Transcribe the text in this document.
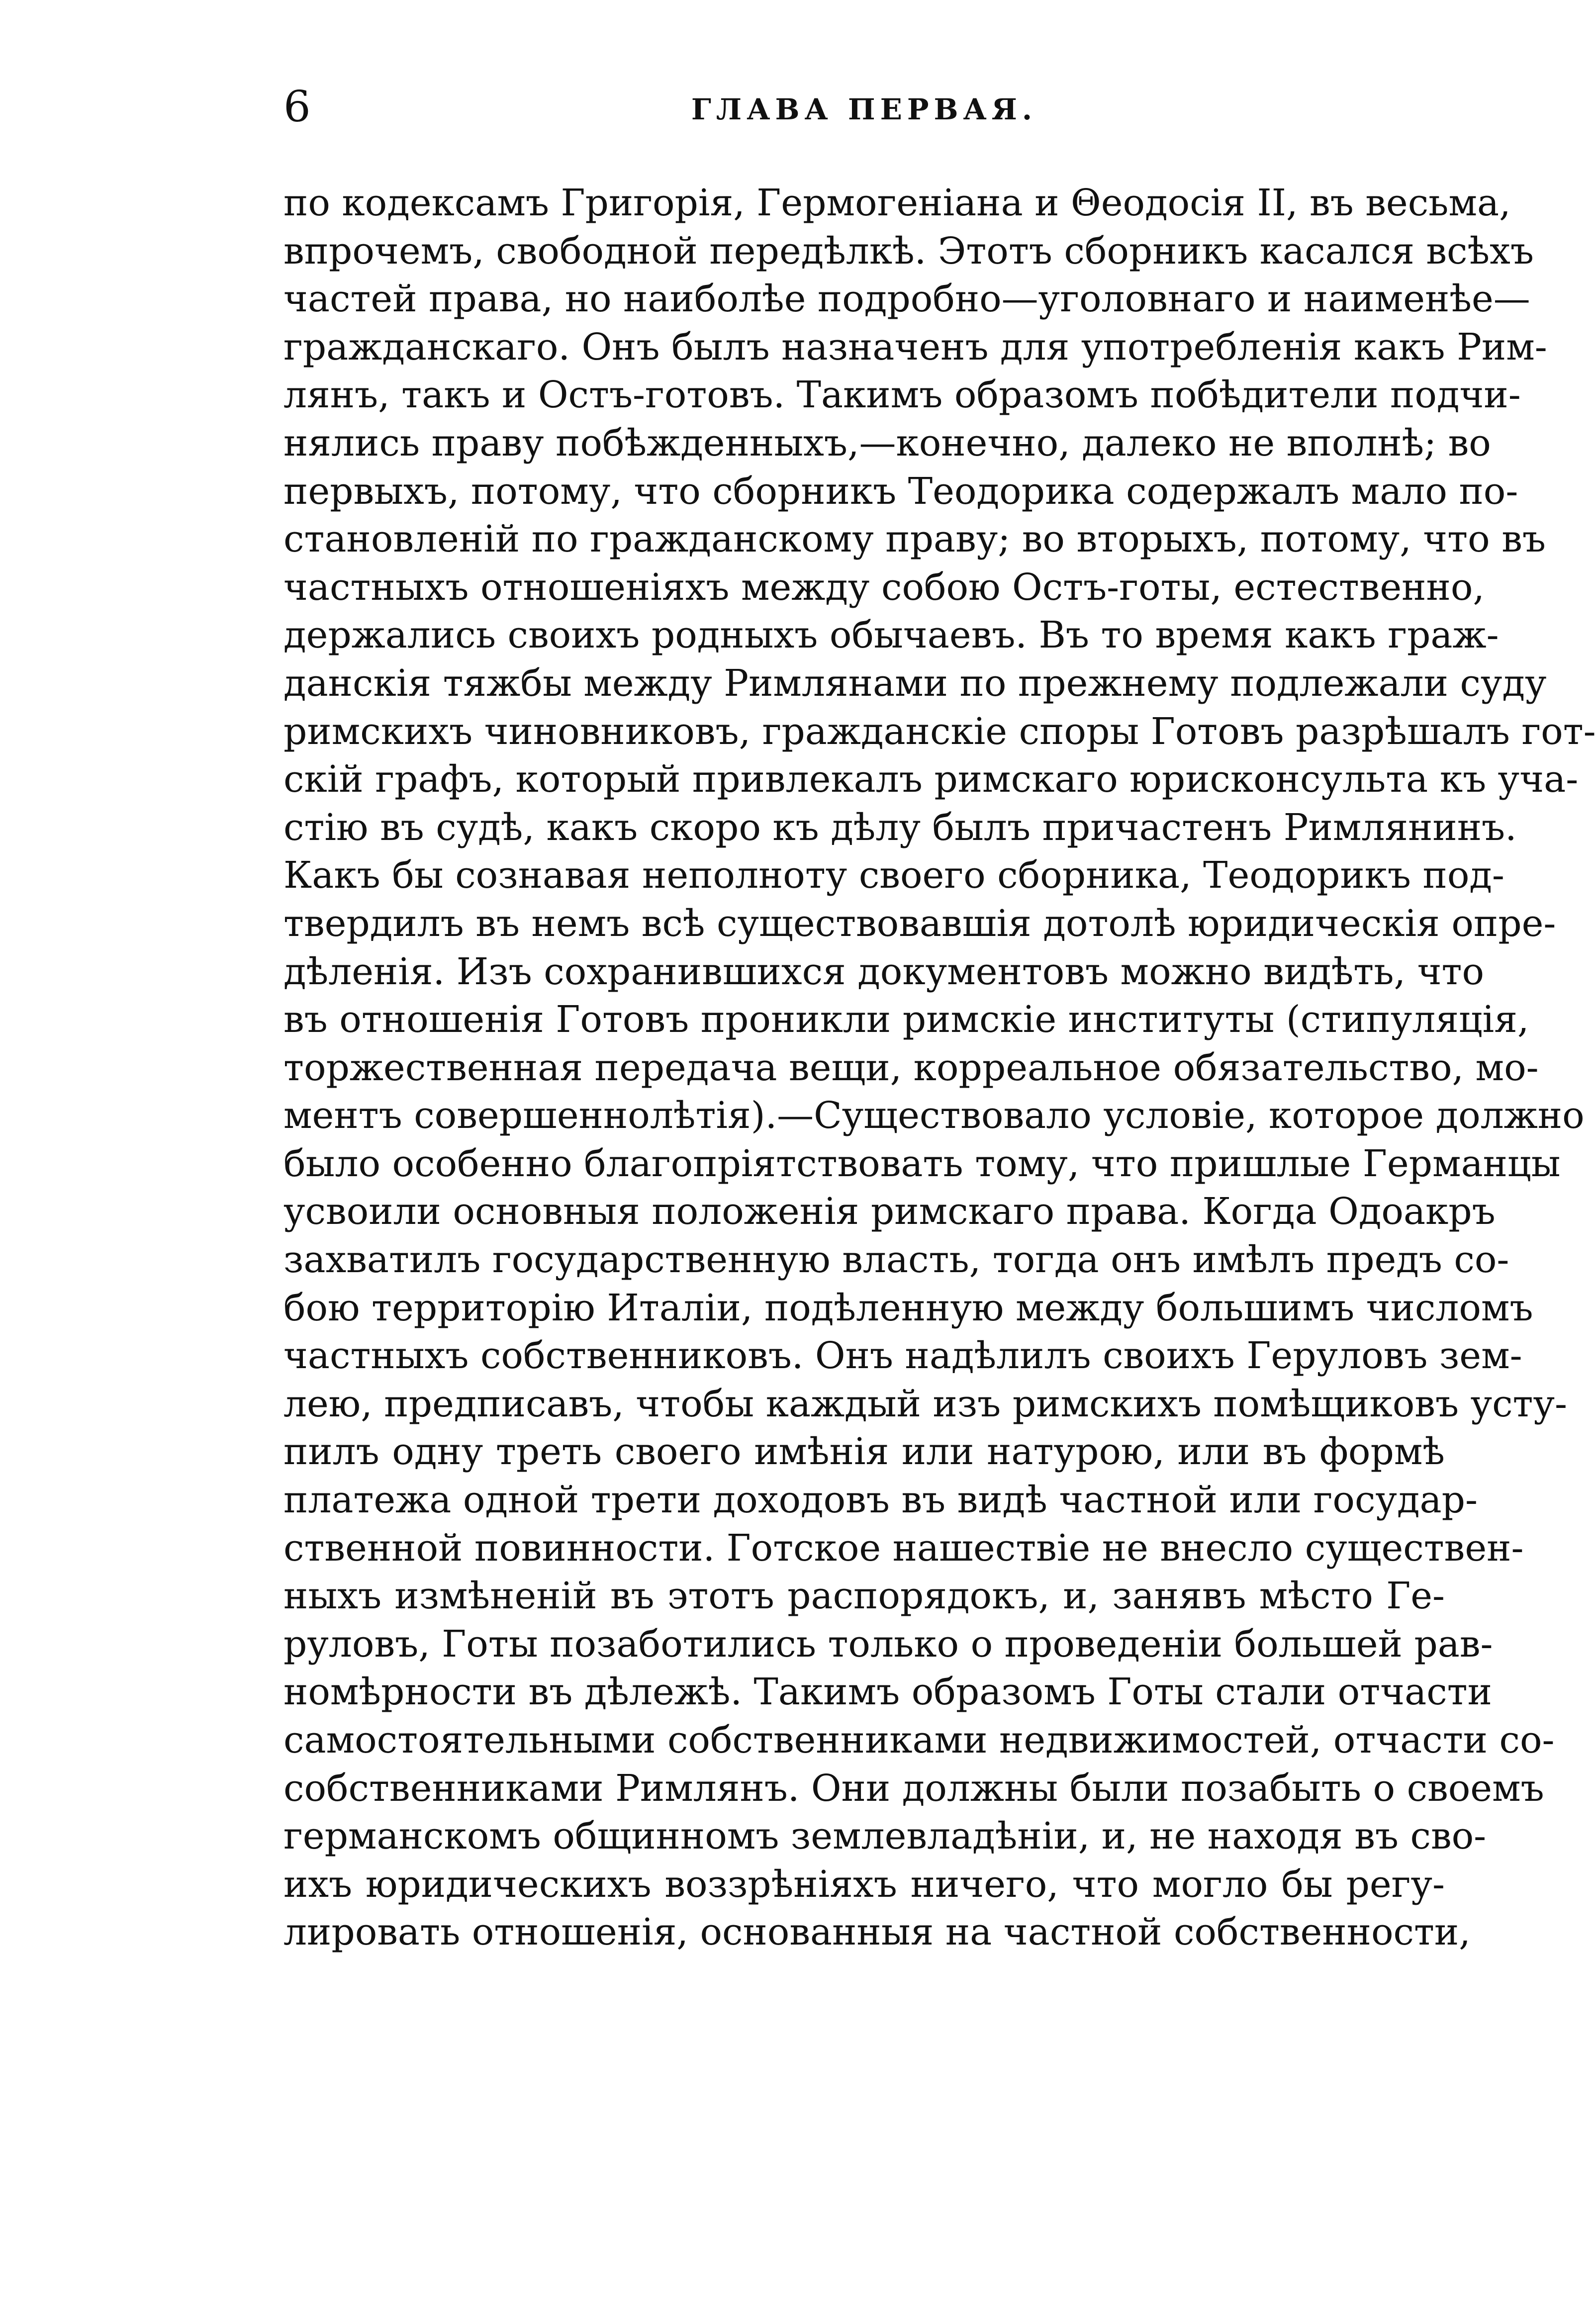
6	ГЛАВА ПЕРВАЯ.
по кодексамъ Григорія, Гермогеніана и Θеодосія II, въ весьма,
впрочемъ, свободной передѣлкѣ. Этотъ сборникъ касался всѣхъ
частей права, но наиболѣе подробно—уголовнаго и наименѣе—
гражданскаго. Онъ былъ назначенъ для употребленія какъ Рим-
лянъ, такъ и Остъ-готовъ. Такимъ образомъ побѣдители подчи-
нялись праву побѣжденныхъ,—конечно, далеко не вполнѣ; во
первыхъ, потому, что сборникъ Теодорика содержалъ мало по-
становленій по гражданскому праву; во вторыхъ, потому, что въ
частныхъ отношеніяхъ между собою Остъ-готы, естественно,
держались своихъ родныхъ обычаевъ. Въ то время какъ граж-
данскія тяжбы между Римлянами по прежнему подлежали суду
римскихъ чиновниковъ, гражданскіе споры Готовъ разрѣшалъ гот-
скій графъ, который привлекалъ римскаго юрисконсульта къ уча-
стію въ судѣ, какъ скоро къ дѣлу былъ причастенъ Римлянинъ.
Какъ бы сознавая неполноту своего сборника, Теодорикъ под-
твердилъ въ немъ всѣ существовавшія дотолѣ юридическія опре-
дѣленія. Изъ сохранившихся документовъ можно видѣть, что
въ отношенія Готовъ проникли римскіе институты (стипуляція,
торжественная передача вещи, корреальное обязательство, мо-
ментъ совершеннолѣтія).—Существовало условіе, которое должно
было особенно благопріятствовать тому, что пришлые Германцы
усвоили основныя положенія римскаго права. Когда Одоакръ
захватилъ государственную власть, тогда онъ имѣлъ предъ со-
бою территорію Италіи, подѣленную между большимъ числомъ
частныхъ собственниковъ. Онъ надѣлилъ своихъ Геруловъ зем-
лею, предписавъ, чтобы каждый изъ римскихъ помѣщиковъ усту-
пилъ одну треть своего имѣнія или натурою, или въ формѣ
платежа одной трети доходовъ въ видѣ частной или государ-
ственной повинности. Готское нашествіе не внесло существен-
ныхъ измѣненій въ этотъ распорядокъ, и, занявъ мѣсто Ге-
руловъ, Готы позаботились только о проведеніи большей рав-
номѣрности въ дѣлежѣ. Такимъ образомъ Готы стали отчасти
самостоятельными собственниками недвижимостей, отчасти со-
собственниками Римлянъ. Они должны были позабыть о своемъ
германскомъ общинномъ землевладѣніи, и, не находя въ сво-
ихъ юридическихъ воззрѣніяхъ ничего, что могло бы регу-
лировать отношенія, основанныя на частной собственности,
